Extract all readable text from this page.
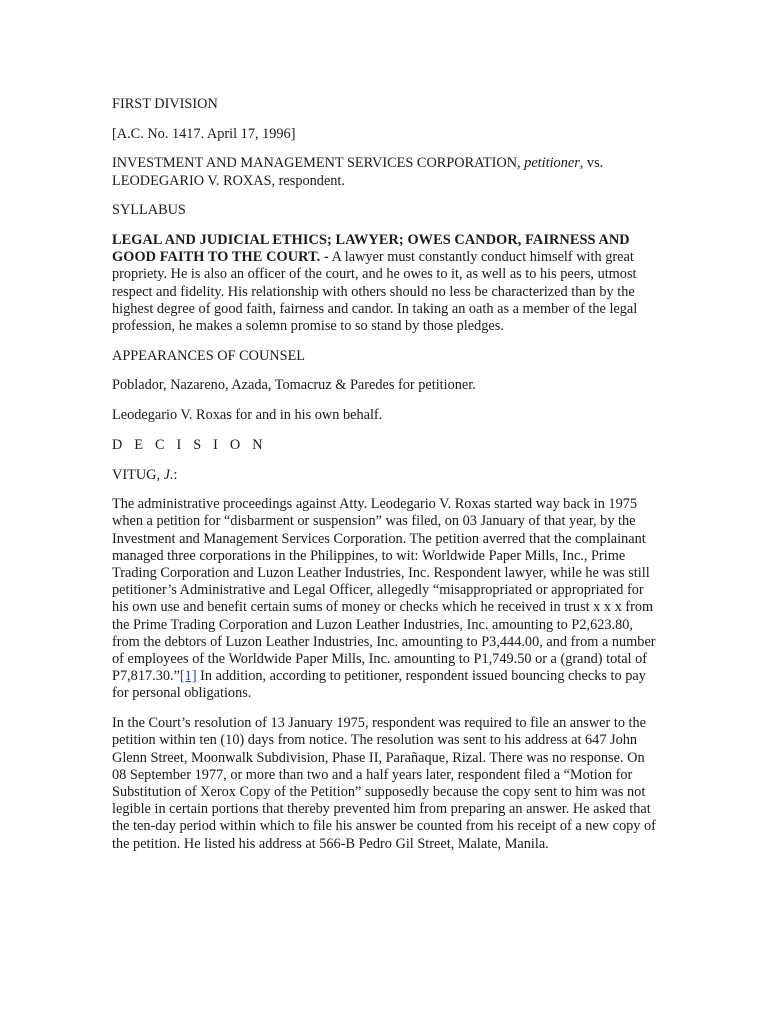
FIRST DIVISION

[A.C. No. 1417. April 17, 1996]

INVESTMENT AND MANAGEMENT SERVICES CORPORATION, petitioner, vs.
LEODEGARIO V. ROXAS, respondent.

SYLLABUS

LEGAL AND JUDICIAL ETHICS; LAWYER; OWES CANDOR, FAIRNESS AND GOOD FAITH TO THE COURT. - A lawyer must constantly conduct himself with great propriety. He is also an officer of the court, and he owes to it, as well as to his peers, utmost respect and fidelity. His relationship with others should no less be characterized than by the highest degree of good faith, fairness and candor. In taking an oath as a member of the legal profession, he makes a solemn promise to so stand by those pledges.

APPEARANCES OF COUNSEL

Poblador, Nazareno, Azada, Tomacruz & Paredes for petitioner.

Leodegario V. Roxas for and in his own behalf.

D E C I S I O N

VITUG, J.:

The administrative proceedings against Atty. Leodegario V. Roxas started way back in 1975 when a petition for “disbarment or suspension” was filed, on 03 January of that year, by the Investment and Management Services Corporation. The petition averred that the complainant managed three corporations in the Philippines, to wit: Worldwide Paper Mills, Inc., Prime Trading Corporation and Luzon Leather Industries, Inc. Respondent lawyer, while he was still petitioner’s Administrative and Legal Officer, allegedly “misappropriated or appropriated for his own use and benefit certain sums of money or checks which he received in trust x x x from the Prime Trading Corporation and Luzon Leather Industries, Inc. amounting to P2,623.80, from the debtors of Luzon Leather Industries, Inc. amounting to P3,444.00, and from a number of employees of the Worldwide Paper Mills, Inc. amounting to P1,749.50 or a (grand) total of P7,817.30.”[1] In addition, according to petitioner, respondent issued bouncing checks to pay for personal obligations.

In the Court’s resolution of 13 January 1975, respondent was required to file an answer to the petition within ten (10) days from notice. The resolution was sent to his address at 647 John Glenn Street, Moonwalk Subdivision, Phase II, Parañaque, Rizal. There was no response. On 08 September 1977, or more than two and a half years later, respondent filed a “Motion for Substitution of Xerox Copy of the Petition” supposedly because the copy sent to him was not legible in certain portions that thereby prevented him from preparing an answer. He asked that the ten-day period within which to file his answer be counted from his receipt of a new copy of the petition. He listed his address at 566-B Pedro Gil Street, Malate, Manila.
